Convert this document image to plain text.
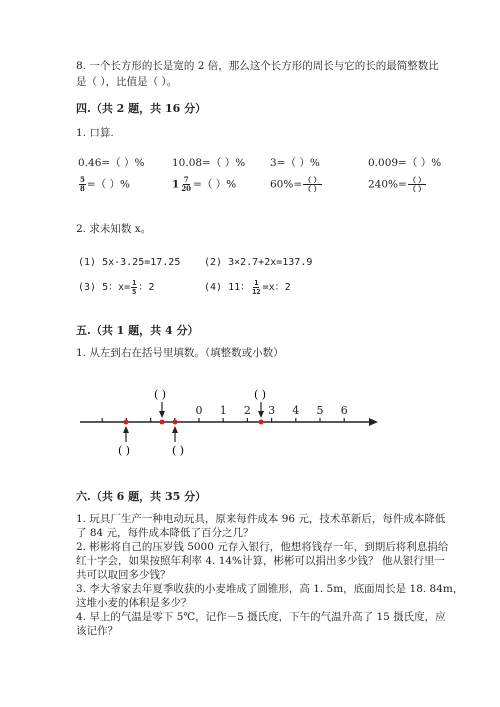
8. 一个长方形的长是宽的 2 倍，那么这个长方形的周长与它的长的最简整数比
是（ ），比值是（ ）。
四.（共 2 题，共 16 分）
1. 口算.
0.46=（ ）%	10.08=（ ）% 3=（ ）%	0.009=（ ）%
$\frac{5}{8}$ =（ ）%	$1 \frac{7}{20}$ =（ ）%	$60\%= \frac{( )}{( )}$	$240\%= \frac{( )}{( )}$
2. 求未知数 x。
(1) 5x-3.25=17.25 (2) 3×2.7+2x=137.9
(3) 5：$x= \frac{1}{5}$ ：2	(4) 11： $\frac{1}{12} =x$：2
五.（共 1 题，共 4 分）
1. 从左到右在括号里填数。（填整数或小数）
0 1 2 3 4 5 6
( )	( )
( )	( )
六.（共 6 题，共 35 分）
1. 玩具厂生产一种电动玩具，原来每件成本 96 元，技术革新后，每件成本降低
了 84 元，每件成本降低了百分之几？
2. 彬彬将自己的压岁钱 5000 元存入银行，他想将钱存一年，到期后将利息捐给
红十字会，如果按照年利率 4. 14%计算，彬彬可以捐出多少钱？ 他从银行里一
共可以取回多少钱？
3. 李大爷家去年夏季收获的小麦堆成了圆锥形，高 1. 5m，底面周长是 18. 84m，
这堆小麦的体积是多少？
4. 早上的气温是零下 5℃，记作－5 摄氏度，下午的气温升高了 15 摄氏度，应
该记作？
